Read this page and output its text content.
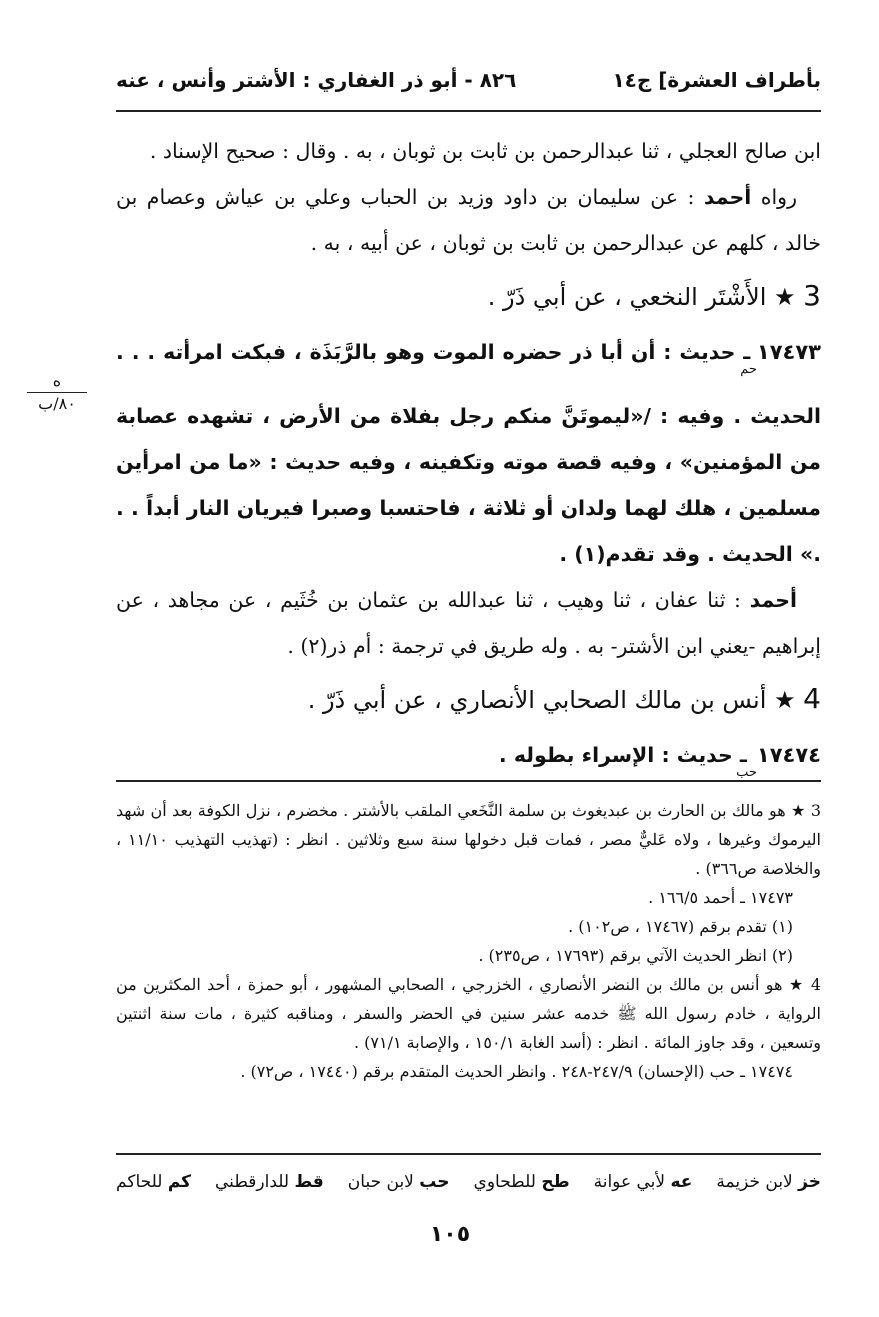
بأطراف العشرة] ج١٤
٨٢٦ - أبو ذر الغفاري : الأشتر وأنس ، عنه
ه
٨٠/ب

ابن صالح العجلي ، ثنا عبدالرحمن بن ثابت بن ثوبان ، به . وقال : صحيح الإسناد .

رواه أحمد : عن سليمان بن داود وزيد بن الحباب وعلي بن عياش وعصام بن خالد ، كلهم عن عبدالرحمن بن ثابت بن ثوبان ، عن أبيه ، به .

3 ★ الأَشْتَر النخعي ، عن أبي ذَرّ .

$١٧٤٧٣_{حم}$ ـ حديث : أن أبا ذر حضره الموت وهو بالرَّبَذَة ، فبكت امرأته . . . الحديث . وفيه : /«ليموتَنَّ منكم رجل بفلاة من الأرض ، تشهده عصابة من المؤمنين» ، وفيه قصة موته وتكفينه ، وفيه حديث : «ما من امرأين مسلمين ، هلك لهما ولدان أو ثلاثة ، فاحتسبا وصبرا فيريان النار أبداً . . .» الحديث . وقد تقدم(١) .

أحمد : ثنا عفان ، ثنا وهيب ، ثنا عبدالله بن عثمان بن خُثَيم ، عن مجاهد ، عن إبراهيم -يعني ابن الأشتر- به . وله طريق في ترجمة : أم ذر(٢) .

4 ★ أنس بن مالك الصحابي الأنصاري ، عن أبي ذَرّ .

$١٧٤٧٤_{حب}$ ـ حديث : الإسراء بطوله .

3 ★ هو مالك بن الحارث بن عبديغوث بن سلمة النَّخَعي الملقب بالأشتر . مخضرم ، نزل الكوفة بعد أن شهد اليرموك وغيرها ، ولاه عَليٌّ مصر ، فمات قبل دخولها سنة سبع وثلاثين . انظر : (تهذيب التهذيب ١١/١٠ ، والخلاصة ص٣٦٦) .

١٧٤٧٣ ـ أحمد ١٦٦/٥ .

(١) تقدم برقم (١٧٤٦٧ ، ص١٠٢) .

(٢) انظر الحديث الآتي برقم (١٧٦٩٣ ، ص٢٣٥) .

4 ★ هو أنس بن مالك بن النضر الأنصاري ، الخزرجي ، الصحابي المشهور ، أبو حمزة ، أحد المكثرين من الرواية ، خادم رسول الله ﷺ خدمه عشر سنين في الحضر والسفر ، ومناقبه كثيرة ، مات سنة اثنتين وتسعين ، وقد جاوز المائة . انظر : (أسد الغابة ١٥٠/١ ، والإصابة ٧١/١) .

١٧٤٧٤ ـ حب (الإحسان) ٢٤٧/٩-٢٤٨ . وانظر الحديث المتقدم برقم (١٧٤٤٠ ، ص٧٢) .

خز لابن خزيمة
عه لأبي عوانة
طح للطحاوي
حب لابن حبان
قط للدارقطني
كم للحاكم
١٠٥
